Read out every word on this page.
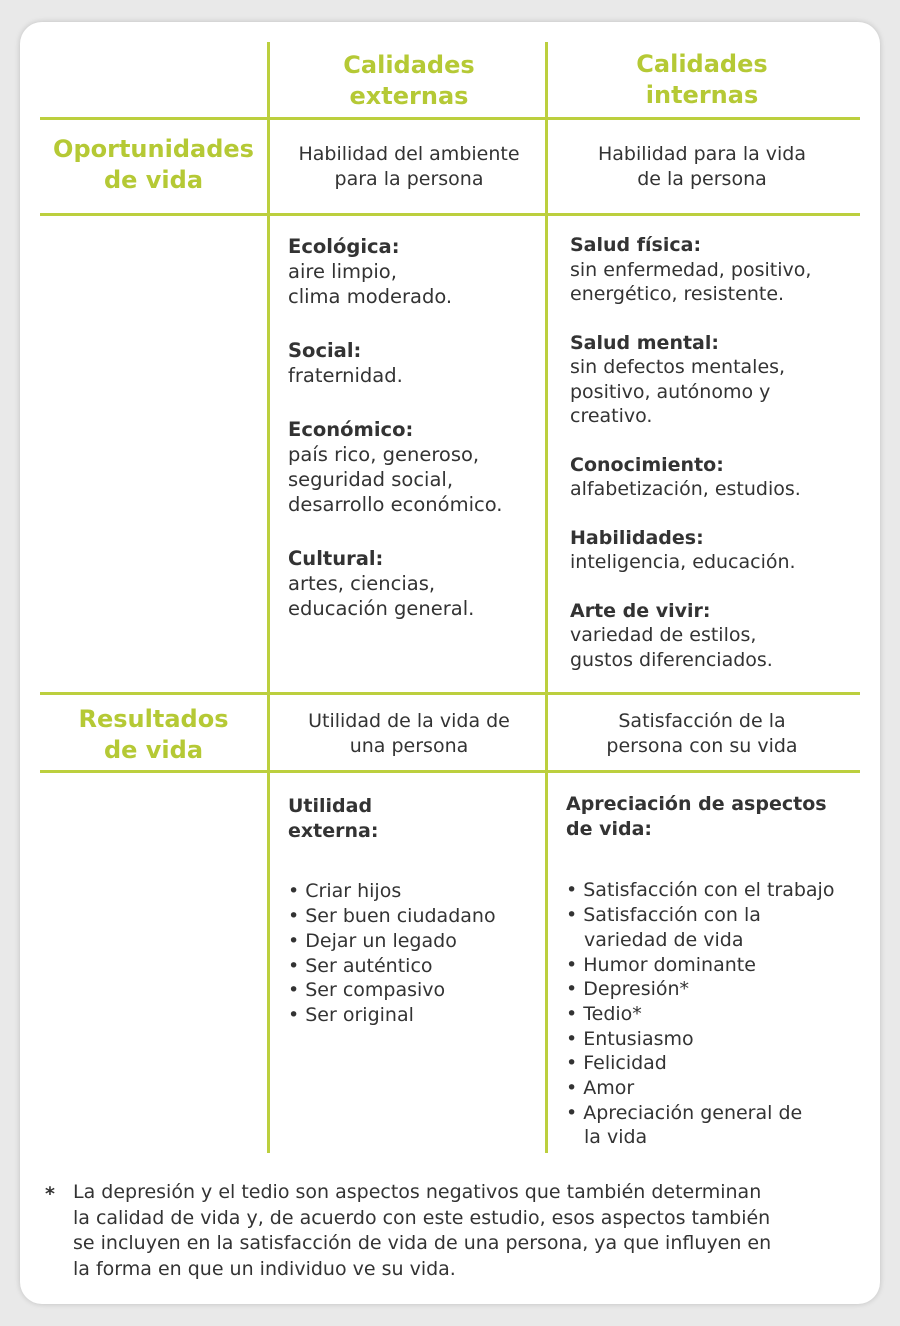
Calidades
externas
Calidades
internas
Oportunidades
de vida
Resultados
de vida
Habilidad del ambiente
para la persona
Habilidad para la vida
de la persona
Utilidad de la vida de
una persona
Satisfacción de la
persona con su vida
Ecológica:
aire limpio,
clima moderado.
Social:
fraternidad.
Económico:
país rico, generoso,
seguridad social,
desarrollo económico.
Cultural:
artes, ciencias,
educación general.
Salud física:
sin enfermedad, positivo,
energético, resistente.
Salud mental:
sin defectos mentales,
positivo, autónomo y
creativo.
Conocimiento:
alfabetización, estudios.
Habilidades:
inteligencia, educación.
Arte de vivir:
variedad de estilos,
gustos diferenciados.
Utilidad
externa:
• Criar hijos
• Ser buen ciudadano
• Dejar un legado
• Ser auténtico
• Ser compasivo
• Ser original
Apreciación de aspectos
de vida:
• Satisfacción con el trabajo
• Satisfacción con la
variedad de vida
• Humor dominante
• Depresión*
• Tedio*
• Entusiasmo
• Felicidad
• Amor
• Apreciación general de
la vida
* La depresión y el tedio son aspectos negativos que también determinan
la calidad de vida y, de acuerdo con este estudio, esos aspectos también
se incluyen en la satisfacción de vida de una persona, ya que influyen en
la forma en que un individuo ve su vida.
